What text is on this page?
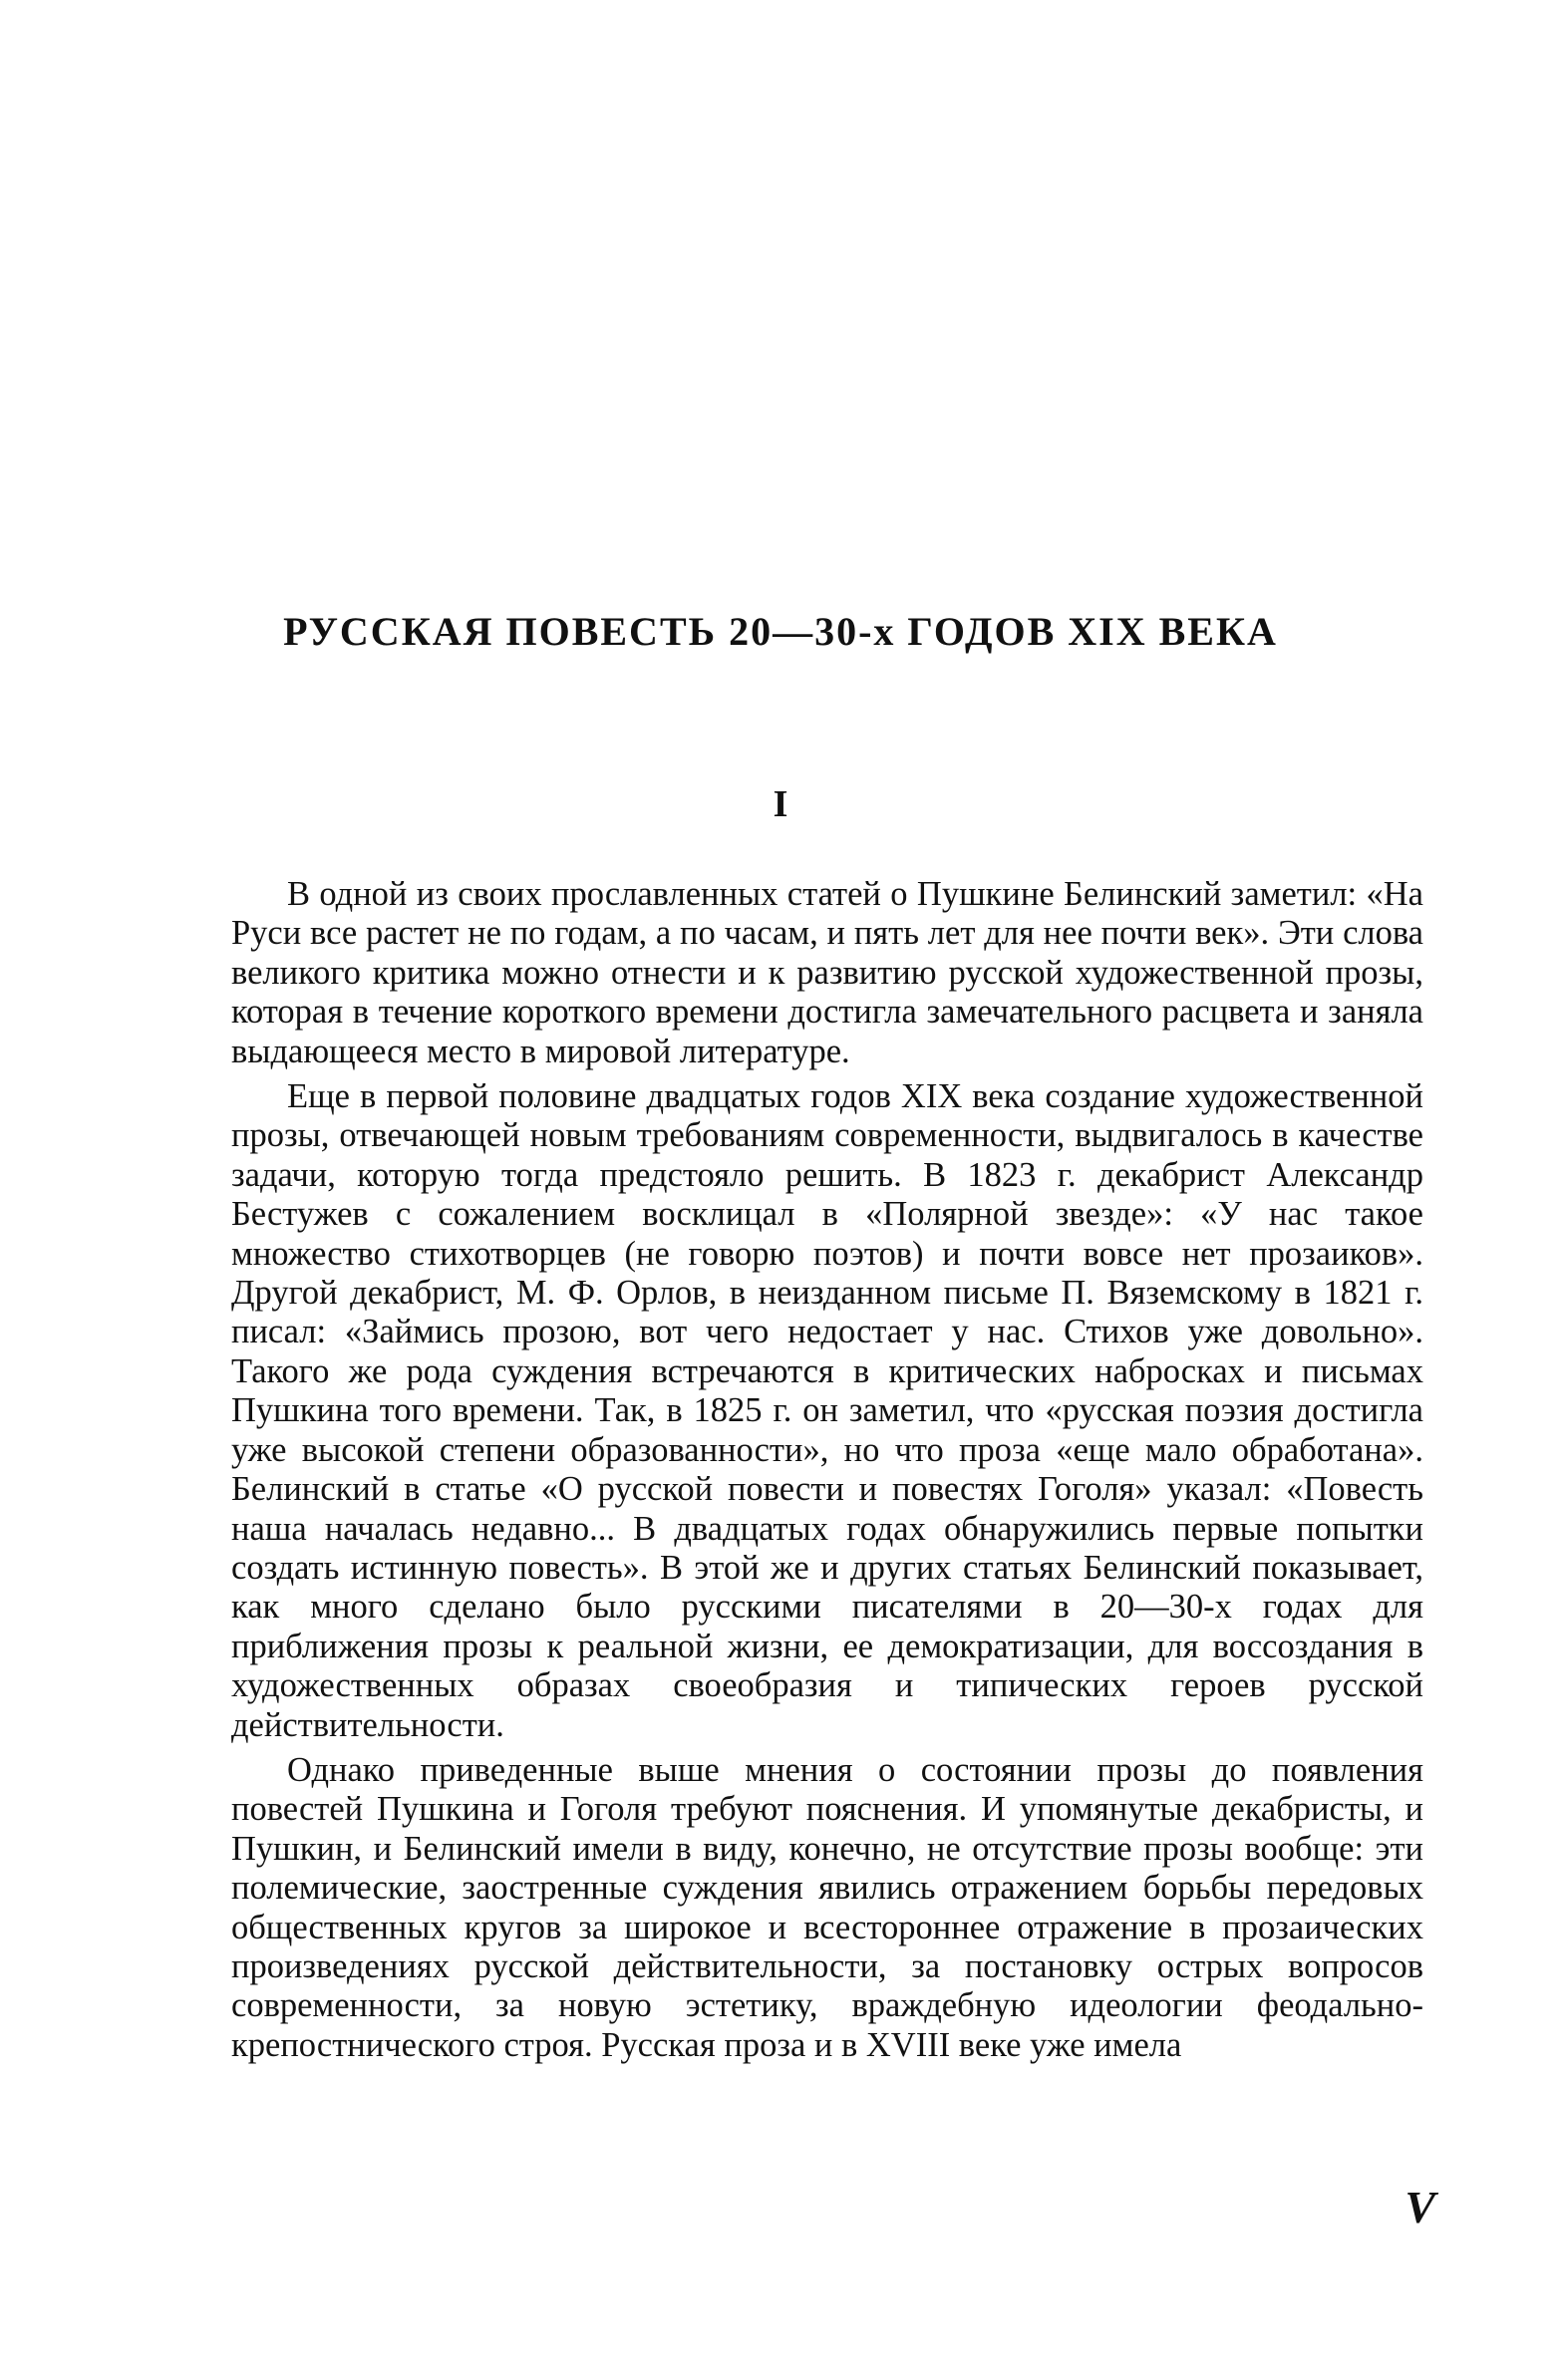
РУССКАЯ ПОВЕСТЬ 20—30-х ГОДОВ XIX ВЕКА
I

В одной из своих прославленных статей о Пушкине Белинский заметил: «На Руси все растет не по годам, а по часам, и пять лет для нее почти век». Эти слова великого критика можно отнести и к развитию русской художественной прозы, которая в течение короткого времени достигла замечательного расцвета и заняла выдающееся место в мировой литературе.

Еще в первой половине двадцатых годов XIX века создание художественной прозы, отвечающей новым требованиям современности, выдвигалось в качестве задачи, которую тогда предстояло решить. В 1823 г. декабрист Александр Бестужев с сожалением восклицал в «Полярной звезде»: «У нас такое множество стихотворцев (не говорю поэтов) и почти вовсе нет прозаиков». Другой декабрист, М. Ф. Орлов, в неизданном письме П. Вяземскому в 1821 г. писал: «Займись прозою, вот чего недостает у нас. Стихов уже довольно». Такого же рода суждения встречаются в критических набросках и письмах Пушкина того времени. Так, в 1825 г. он заметил, что «русская поэзия достигла уже высокой степени образованности», но что проза «еще мало обработана». Белинский в статье «О русской повести и повестях Гоголя» указал: «Повесть наша началась недавно... В двадцатых годах обнаружились первые попытки создать истинную повесть». В этой же и других статьях Белинский показывает, как много сделано было русскими писателями в 20—30-х годах для приближения прозы к реальной жизни, ее демократизации, для воссоздания в художественных образах своеобразия и типических героев русской действительности.

Однако приведенные выше мнения о состоянии прозы до появления повестей Пушкина и Гоголя требуют пояснения. И упомянутые декабристы, и Пушкин, и Белинский имели в виду, конечно, не отсутствие прозы вообще: эти полемические, заостренные суждения явились отражением борьбы передовых общественных кругов за широкое и всестороннее отражение в прозаических произведениях русской действительности, за постановку острых вопросов современности, за новую эстетику, враждебную идеологии феодально-крепостнического строя. Русская проза и в XVIII веке уже имела

V
